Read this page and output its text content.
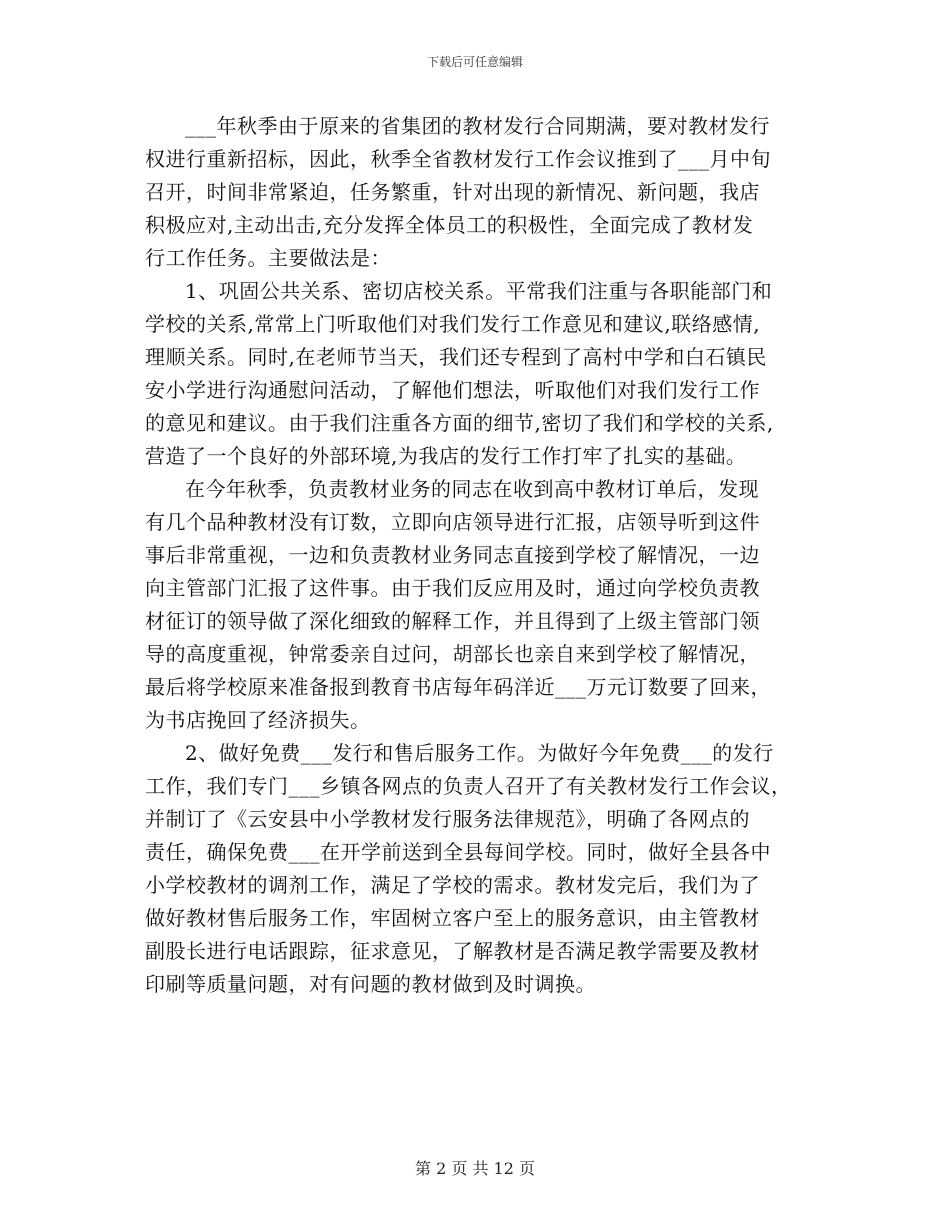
下载后可任意编辑

___年秋季由于原来的省集团的教材发行合同期满，要对教材发行

权进行重新招标，因此，秋季全省教材发行工作会议推到了___月中旬

召开，时间非常紧迫，任务繁重，针对出现的新情况、新问题，我店

积极应对,主动出击,充分发挥全体员工的积极性，全面完成了教材发

行工作任务。主要做法是：

1、巩固公共关系、密切店校关系。平常我们注重与各职能部门和

学校的关系,常常上门听取他们对我们发行工作意见和建议,联络感情,

理顺关系。同时,在老师节当天，我们还专程到了高村中学和白石镇民

安小学进行沟通慰问活动，了解他们想法，听取他们对我们发行工作

的意见和建议。由于我们注重各方面的细节,密切了我们和学校的关系,

营造了一个良好的外部环境,为我店的发行工作打牢了扎实的基础。

在今年秋季，负责教材业务的同志在收到高中教材订单后，发现

有几个品种教材没有订数，立即向店领导进行汇报，店领导听到这件

事后非常重视，一边和负责教材业务同志直接到学校了解情况，一边

向主管部门汇报了这件事。由于我们反应用及时，通过向学校负责教

材征订的领导做了深化细致的解释工作，并且得到了上级主管部门领

导的高度重视，钟常委亲自过问，胡部长也亲自来到学校了解情况，

最后将学校原来准备报到教育书店每年码洋近___万元订数要了回来，

为书店挽回了经济损失。

2、做好免费___发行和售后服务工作。为做好今年免费___的发行

工作，我们专门___乡镇各网点的负责人召开了有关教材发行工作会议，

并制订了《云安县中小学教材发行服务法律规范》，明确了各网点的

责任，确保免费___在开学前送到全县每间学校。同时，做好全县各中

小学校教材的调剂工作，满足了学校的需求。教材发完后，我们为了

做好教材售后服务工作，牢固树立客户至上的服务意识，由主管教材

副股长进行电话跟踪，征求意见，了解教材是否满足教学需要及教材

印刷等质量问题，对有问题的教材做到及时调换。

第 2 页 共 12 页
